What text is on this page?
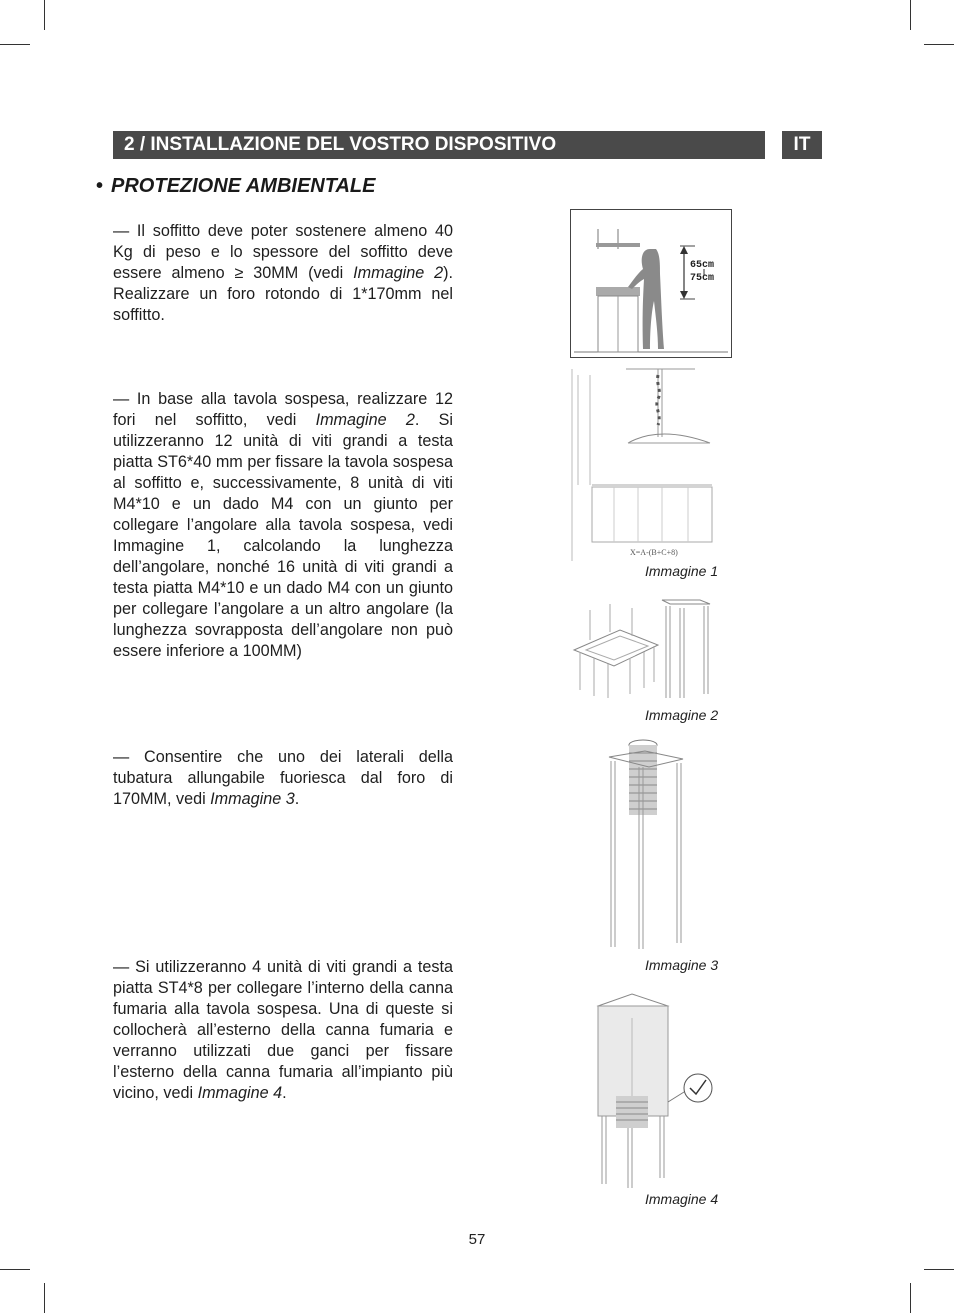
2 / INSTALLAZIONE DEL VOSTRO DISPOSITIVO	IT
• PROTEZIONE AMBIENTALE

— Il soffitto deve poter sostenere almeno 40 Kg di peso e lo spessore del soffitto deve essere almeno ≥ 30MM (vedi Immagine 2). Realizzare un foro rotondo di 1*170mm nel soffitto.

— In base alla tavola sospesa, realizzare 12 fori nel soffitto, vedi Immagine 2. Si utilizzeranno 12 unità di viti grandi a testa piatta ST6*40 mm per fissare la tavola sospesa al soffitto e, successivamente, 8 unità di viti M4*10 e un dado M4 con un giunto per collegare l’angolare alla tavola sospesa, vedi Immagine 1, calcolando la lunghezza dell’angolare, nonché 16 unità di viti grandi a testa piatta M4*10 e un dado M4 con un giunto per collegare l’angolare a un altro angolare (la lunghezza sovrapposta dell’angolare non può essere inferiore a 100MM)

— Consentire che uno dei laterali della tubatura allungabile fuoriesca dal foro di 170MM, vedi Immagine 3.

— Si utilizzeranno 4 unità di viti grandi a testa piatta ST4*8 per collegare l’interno della canna fumaria alla tavola sospesa. Una di queste si collocherà all’esterno della canna fumaria e verranno utilizzati due ganci per fissare l’esterno della canna fumaria all’impianto più vicino, vedi Immagine 4.

65cm
75cm
X=A-(B+C+8)
Immagine 1
Immagine 2
Immagine 3
Immagine 4
57
